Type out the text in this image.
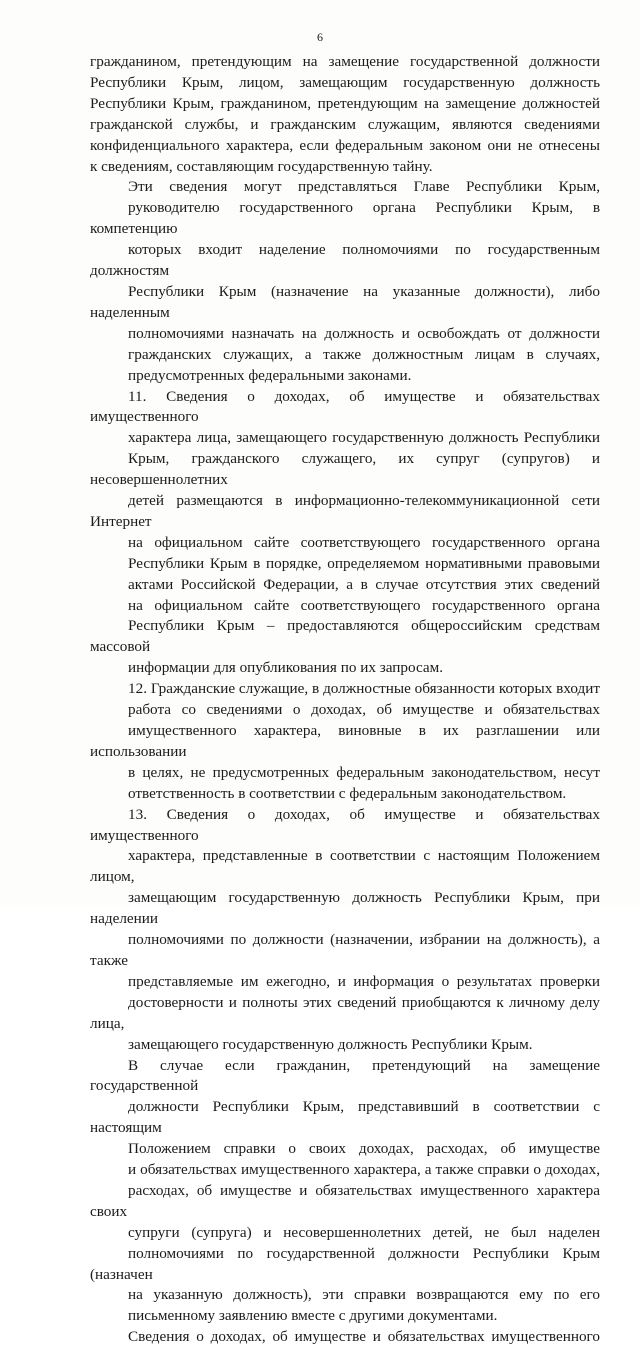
6

гражданином, претендующим на замещение государственной должности
Республики Крым, лицом, замещающим государственную должность
Республики Крым, гражданином, претендующим на замещение должностей
гражданской службы, и гражданским служащим, являются сведениями
конфиденциального характера, если федеральным законом они не отнесены
к сведениям, составляющим государственную тайну.

Эти сведения могут представляться Главе Республики Крым,
руководителю государственного органа Республики Крым, в компетенцию
которых входит наделение полномочиями по государственным должностям
Республики Крым (назначение на указанные должности), либо наделенным
полномочиями назначать на должность и освобождать от должности
гражданских служащих, а также должностным лицам в случаях,
предусмотренных федеральными законами.

11. Сведения о доходах, об имуществе и обязательствах имущественного
характера лица, замещающего государственную должность Республики
Крым, гражданского служащего, их супруг (супругов) и несовершеннолетних
детей размещаются в информационно-телекоммуникационной сети Интернет
на официальном сайте соответствующего государственного органа
Республики Крым в порядке, определяемом нормативными правовыми
актами Российской Федерации, а в случае отсутствия этих сведений
на официальном сайте соответствующего государственного органа
Республики Крым – предоставляются общероссийским средствам массовой
информации для опубликования по их запросам.

12. Гражданские служащие, в должностные обязанности которых входит
работа со сведениями о доходах, об имуществе и обязательствах
имущественного характера, виновные в их разглашении или использовании
в целях, не предусмотренных федеральным законодательством, несут
ответственность в соответствии с федеральным законодательством.

13. Сведения о доходах, об имуществе и обязательствах имущественного
характера, представленные в соответствии с настоящим Положением лицом,
замещающим государственную должность Республики Крым, при наделении
полномочиями по должности (назначении, избрании на должность), а также
представляемые им ежегодно, и информация о результатах проверки
достоверности и полноты этих сведений приобщаются к личному делу лица,
замещающего государственную должность Республики Крым.

В случае если гражданин, претендующий на замещение государственной
должности Республики Крым, представивший в соответствии с настоящим
Положением справки о своих доходах, расходах, об имуществе
и обязательствах имущественного характера, а также справки о доходах,
расходах, об имуществе и обязательствах имущественного характера своих
супруги (супруга) и несовершеннолетних детей, не был наделен
полномочиями по государственной должности Республики Крым (назначен
на указанную должность), эти справки возвращаются ему по его
письменному заявлению вместе с другими документами.

Сведения о доходах, об имуществе и обязательствах имущественного
